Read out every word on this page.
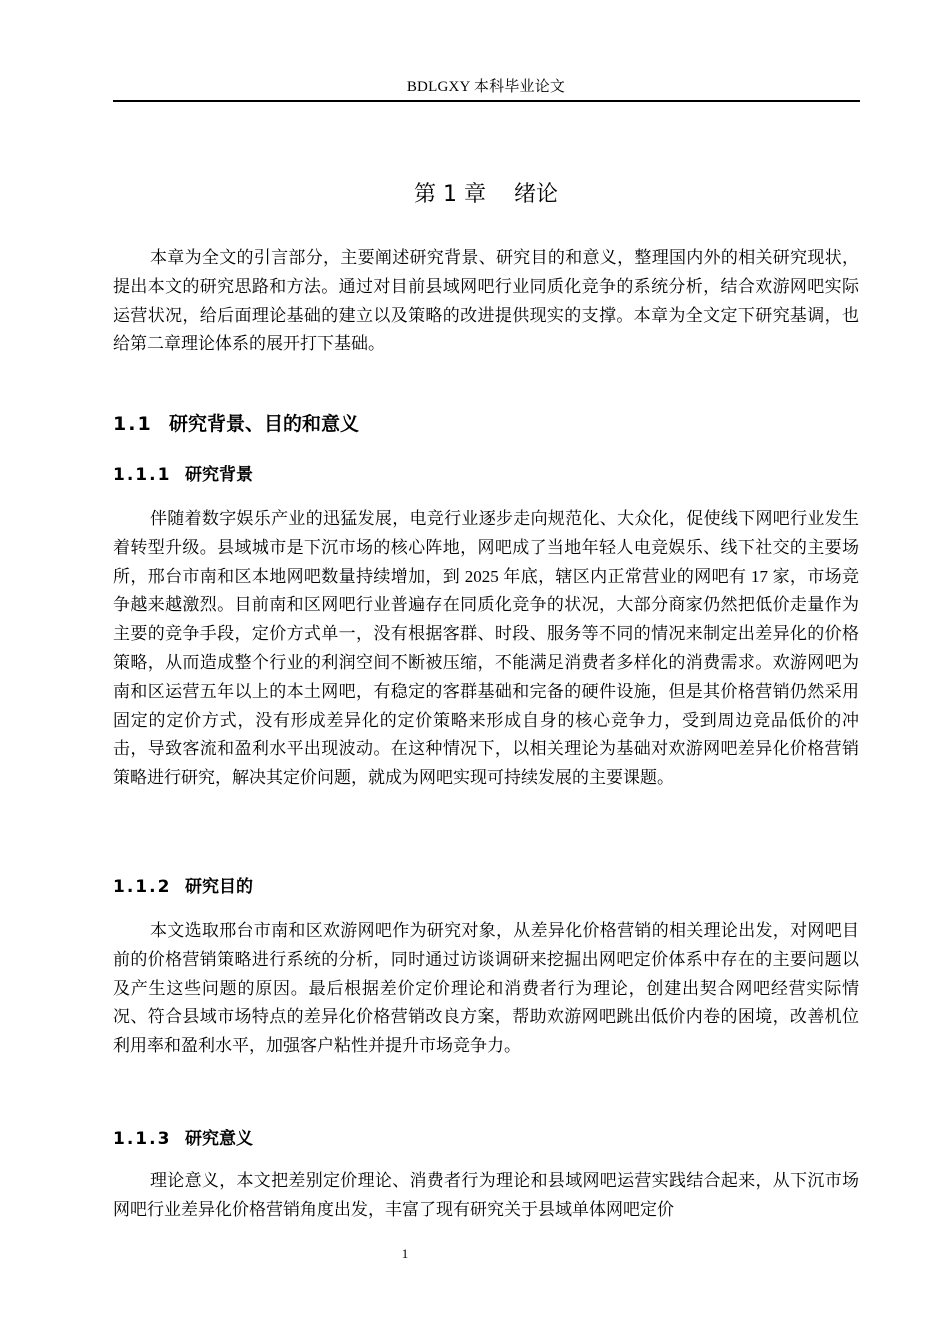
BDLGXY 本科毕业论文
第 1 章    绪论

本章为全文的引言部分，主要阐述研究背景、研究目的和意义，整理国内外的相关研究现状，提出本文的研究思路和方法。通过对目前县域网吧行业同质化竞争的系统分析，结合欢游网吧实际运营状况，给后面理论基础的建立以及策略的改进提供现实的支撑。本章为全文定下研究基调，也给第二章理论体系的展开打下基础。

1.1 研究背景、目的和意义
1.1.1 研究背景

伴随着数字娱乐产业的迅猛发展，电竞行业逐步走向规范化、大众化，促使线下网吧行业发生着转型升级。县域城市是下沉市场的核心阵地，网吧成了当地年轻人电竞娱乐、线下社交的主要场所，邢台市南和区本地网吧数量持续增加，到 2025 年底，辖区内正常营业的网吧有 17 家，市场竞争越来越激烈。目前南和区网吧行业普遍存在同质化竞争的状况，大部分商家仍然把低价走量作为主要的竞争手段，定价方式单一，没有根据客群、时段、服务等不同的情况来制定出差异化的价格策略，从而造成整个行业的利润空间不断被压缩，不能满足消费者多样化的消费需求。欢游网吧为南和区运营五年以上的本土网吧，有稳定的客群基础和完备的硬件设施，但是其价格营销仍然采用固定的定价方式，没有形成差异化的定价策略来形成自身的核心竞争力，受到周边竞品低价的冲击，导致客流和盈利水平出现波动。在这种情况下，以相关理论为基础对欢游网吧差异化价格营销策略进行研究，解决其定价问题，就成为网吧实现可持续发展的主要课题。

1.1.2 研究目的

本文选取邢台市南和区欢游网吧作为研究对象，从差异化价格营销的相关理论出发，对网吧目前的价格营销策略进行系统的分析，同时通过访谈调研来挖掘出网吧定价体系中存在的主要问题以及产生这些问题的原因。最后根据差价定价理论和消费者行为理论，创建出契合网吧经营实际情况、符合县域市场特点的差异化价格营销改良方案，帮助欢游网吧跳出低价内卷的困境，改善机位利用率和盈利水平，加强客户粘性并提升市场竞争力。

1.1.3 研究意义

理论意义，本文把差别定价理论、消费者行为理论和县域网吧运营实践结合起来，从下沉市场网吧行业差异化价格营销角度出发，丰富了现有研究关于县域单体网吧定价

1
